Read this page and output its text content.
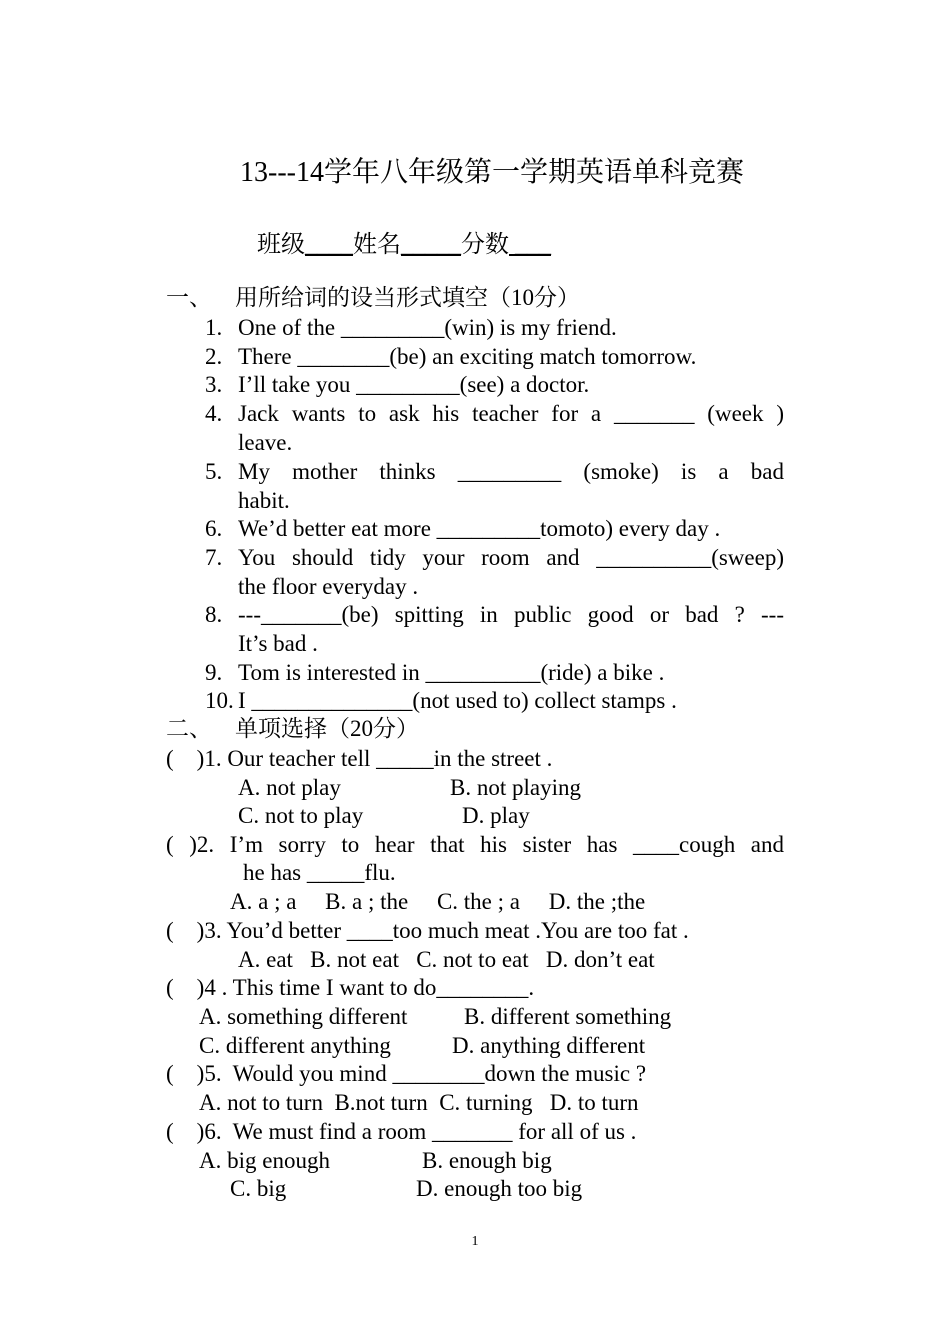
13---14学年八年级第一学期英语单科竞赛
班级____姓名_____分数 ___
一、    用所给词的设当形式填空（10分）
1. One of the _________(win) is my friend.
2. There ________(be) an exciting match tomorrow.
3. I’ll take you _________(see) a doctor.
4. Jack wants to ask his teacher for a _______ (week )
leave.
5. My mother thinks _________ (smoke) is a bad
habit.
6. We’d better eat more _________tomoto) every day .
7. You should tidy your room and __________(sweep)
the floor everyday .
8. ---_______(be) spitting in public good or bad ? ---
It’s bad .
9. Tom is interested in __________(ride) a bike .
10. I ______________(not used to) collect stamps .
二、    单项选择（20分）
(    )1. Our teacher tell _____in the street .
A. not play	B. not playing
C. not to play	D. play
( )2. I’m sorry to hear that his sister has ____cough and
he has _____flu.
A. a ; a     B. a ; the     C. the ; a     D. the ;the
(    )3. You’d better ____too much meat .You are too fat .
A. eat   B. not eat   C. not to eat   D. don’t eat
(    )4 . This time I want to do________.
A. something different B. different something
C. different anything	D. anything different
(    )5.  Would you mind ________down the music ?
A. not to turn  B.not turn  C. turning   D. to turn
(    )6.  We must find a room _______ for all of us .
A. big enough	B. enough big
C. big	D. enough too big
1
